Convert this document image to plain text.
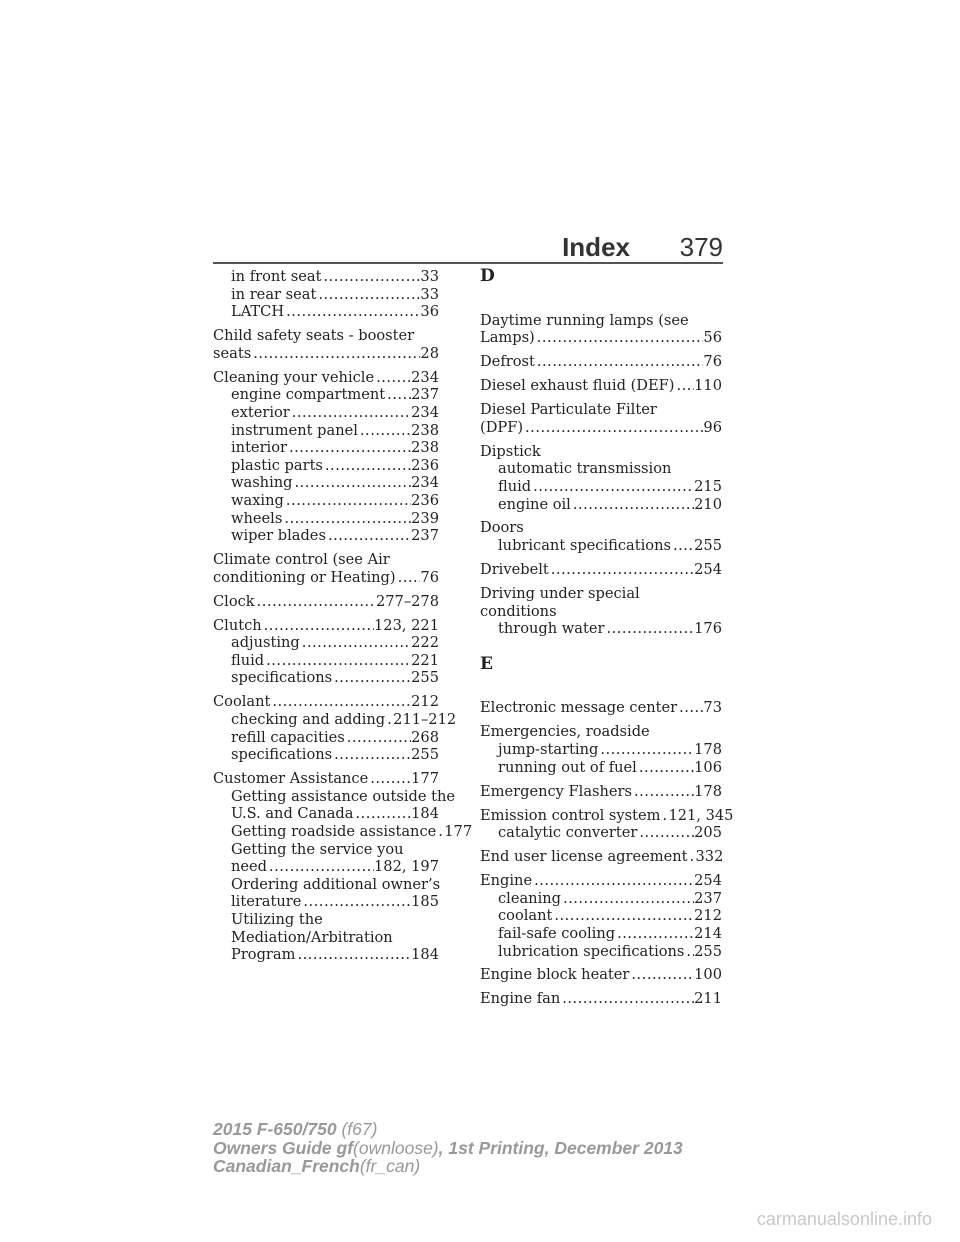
Index 379
in front seat .....	33
in rear seat .....	33
LATCH .....	36
Child safety seats - booster
seats .....	28
Cleaning your vehicle .....	234
engine compartment ..... 237
exterior .....	234
instrument panel .....	238
interior .....	238
plastic parts .....	236
washing .....	234
waxing .....	236
wheels .....	239
wiper blades .....	237
Climate control (see Air
conditioning or Heating) ..... 76
Clock .....	277–278
Clutch .....	123, 221
adjusting .....	222
fluid .....	221
specifications .....	255
Coolant .....	212
checking and adding ..... 211–212
refill capacities .....	268
specifications .....	255
Customer Assistance .....	177
Getting assistance outside the
U.S. and Canada .....	184
Getting roadside assistance ..... 177
Getting the service you
need .....	182, 197
Ordering additional owner’s
literature .....	185
Utilizing the
Mediation/Arbitration
Program .....	184
D
Daytime running lamps (see
Lamps) .....	56
Defrost .....	76
Diesel exhaust fluid (DEF) ..... 110
Diesel Particulate Filter
(DPF) .....	96
Dipstick
automatic transmission
fluid .....	215
engine oil .....	210
Doors
lubricant specifications ..... 255
Drivebelt .....	254
Driving under special
conditions
through water .....	176
E
Electronic message center ..... 73
Emergencies, roadside
jump-starting .....	178
running out of fuel .....	106
Emergency Flashers .....	178
Emission control system ..... 121, 345
catalytic converter .....	205
End user license agreement ..... 332
Engine .....	254
cleaning .....	237
coolant .....	212
fail-safe cooling .....	214
lubrication specifications ..... 255
Engine block heater .....	100
Engine fan .....	211
2015 F-650/750 (f67)
Owners Guide gf(ownloose), 1st Printing, December 2013
Canadian_French(fr_can)
carmanualsonline.info
